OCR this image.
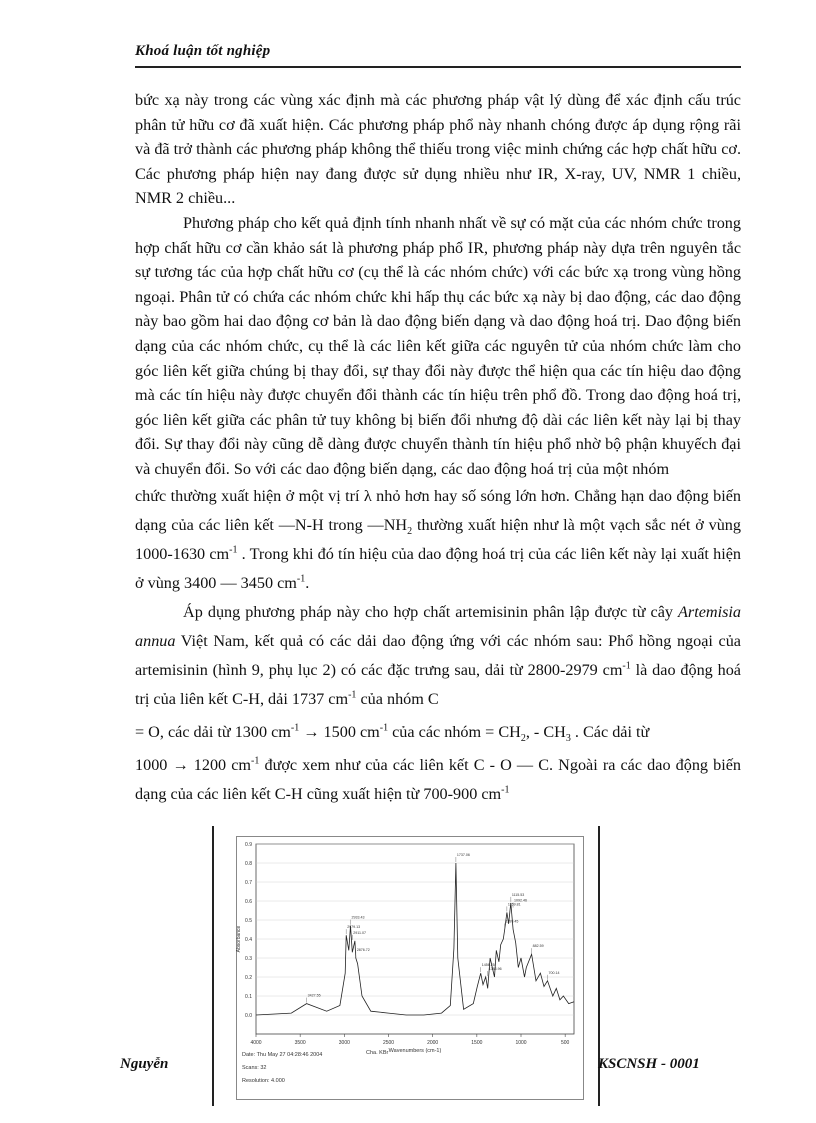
Khoá luận tốt nghiệp

bức xạ này trong các vùng xác định mà các phương pháp vật lý dùng để xác định cấu trúc phân tử hữu cơ đã xuất hiện. Các phương pháp phổ này nhanh chóng được áp dụng rộng rãi và đã trở thành các phương pháp không thể thiếu trong việc minh chứng các hợp chất hữu cơ. Các phương pháp hiện nay đang được sử dụng nhiều như IR, X-ray, UV, NMR 1 chiều, NMR 2 chiều...

Phương pháp cho kết quả định tính nhanh nhất về sự có mặt của các nhóm chức trong hợp chất hữu cơ cần khảo sát là phương pháp phổ IR, phương pháp này dựa trên nguyên tắc sự tương tác của hợp chất hữu cơ (cụ thể là các nhóm chức) với các bức xạ trong vùng hồng ngoại. Phân tử có chứa các nhóm chức khi hấp thụ các bức xạ này bị dao động, các dao động này bao gồm hai dao động cơ bản là dao động biến dạng và dao động hoá trị. Dao động biến dạng của các nhóm chức, cụ thể là các liên kết giữa các nguyên tử của nhóm chức làm cho góc liên kết giữa chúng bị thay đổi, sự thay đổi này được thể hiện qua các tín hiệu dao động mà các tín hiệu này được chuyển đổi thành các tín hiệu trên phổ đồ. Trong dao động hoá trị, góc liên kết giữa các phân tử tuy không bị biến đổi nhưng độ dài các liên kết này lại bị thay đổi. Sự thay đổi này cũng dễ dàng được chuyển thành tín hiệu phổ nhờ bộ phận khuyếch đại và chuyển đổi. So với các dao động biến dạng, các dao động hoá trị của một nhóm

chức thường xuất hiện ở một vị trí λ nhỏ hơn hay số sóng lớn hơn. Chẳng hạn dao động biến dạng của các liên kết —N-H trong $—NH_2$ thường xuất hiện như là một vạch sắc nét ở vùng 1000-1630 $cm^{-1}$ . Trong khi đó tín hiệu của dao động hoá trị của các liên kết này lại xuất hiện ở vùng 3400 — 3450 $cm^{-1}$.

Áp dụng phương pháp này cho hợp chất artemisinin phân lập được từ cây Artemisia annua Việt Nam, kết quả có các dải dao động ứng với các nhóm sau: Phổ hồng ngoại của artemisinin (hình 9, phụ lục 2) có các đặc trưng sau, dải từ 2800-2979 $cm^{-1}$ là dao động hoá trị của liên kết C-H, dải 1737 $cm^{-1}$ của nhóm C

= O, các dải từ 1300 $cm^{-1} \to 1500$ $cm^{-1}$ của các nhóm = $CH_2$, - $CH_3$ . Các dải từ

1000 → 1200 $cm^{-1}$ được xem như của các liên kết C - O — C. Ngoài ra các dao động biến dạng của các liên kết C-H cũng xuất hiện từ 700-900 $cm^{-1}$

Wavenumbers (cm-1)
Absorbance
0.0
0.1
0.2
0.3
0.4
0.5
0.6
0.7
0.8
0.9
4000	3500	3000	2500	2000	1500	1000	500
3427.55
2979.13
2933.43
2911.07
2876.72
1737.06
1456.25
1384.96
1199.45
1159.81
1115.53
1092.46
882.59
700.14
Date: Thu May 27 04:28:46 2004	Cha. KBr
Scans: 32
Resolution: 4.000
Nguyễn	KSCNSH - 0001
